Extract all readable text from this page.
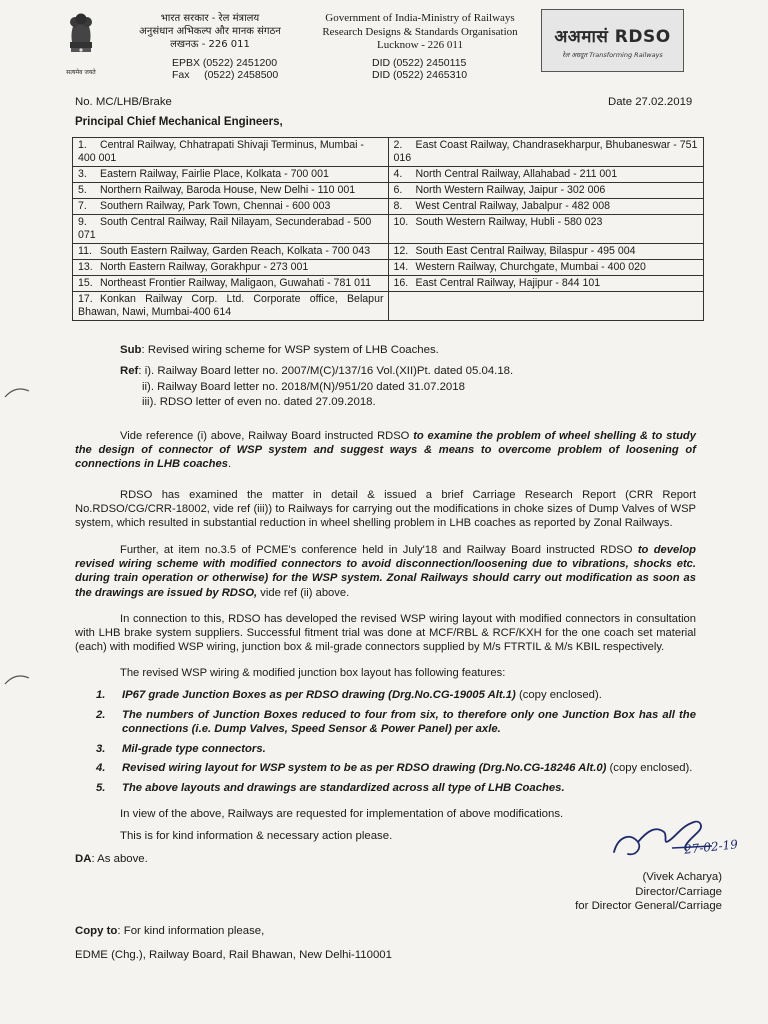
सत्यमेव जयते
भारत सरकार - रेल मंत्रालय
अनुसंधान अभिकल्प और मानक संगठन
लखनऊ - 226 011
EPBX (0522) 2451200
Fax     (0522) 2458500
Government of India-Ministry of Railways
Research Designs & Standards Organisation
Lucknow - 226 011
DID (0522) 2450115
DID (0522) 2465310
अअमासं RDSO
रेल अग्रदूत Transforming Railways
No. MC/LHB/Brake	Date 27.02.2019
Principal Chief Mechanical Engineers,
1. Central Railway, Chhatrapati Shivaji Terminus, Mumbai - 400 001	2. East Coast Railway, Chandrasekharpur, Bhubaneswar - 751 016
3. Eastern Railway, Fairlie Place, Kolkata - 700 001	4. North Central Railway, Allahabad - 211 001
5. Northern Railway, Baroda House, New Delhi - 110 001	6. North Western Railway, Jaipur - 302 006
7. Southern Railway, Park Town, Chennai - 600 003	8. West Central Railway, Jabalpur - 482 008
9. South Central Railway, Rail Nilayam, Secunderabad - 500 071	10. South Western Railway, Hubli - 580 023
11. South Eastern Railway, Garden Reach, Kolkata - 700 043	12. South East Central Railway, Bilaspur - 495 004
13. North Eastern Railway, Gorakhpur - 273 001	14. Western Railway, Churchgate, Mumbai - 400 020
15. Northeast Frontier Railway, Maligaon, Guwahati - 781 011	16. East Central Railway, Hajipur - 844 101
17. Konkan Railway Corp. Ltd. Corporate office, Belapur Bhawan, Nawi, Mumbai-400 614	
Sub: Revised wiring scheme for WSP system of LHB Coaches.
Ref: i). Railway Board letter no. 2007/M(C)/137/16 Vol.(XII)Pt. dated 05.04.18.
ii). Railway Board letter no. 2018/M(N)/951/20 dated 31.07.2018
iii). RDSO letter of even no. dated 27.09.2018.
Vide reference (i) above, Railway Board instructed RDSO to examine the problem of wheel shelling & to study the design of connector of WSP system and suggest ways & means to overcome problem of loosening of connections in LHB coaches.
RDSO has examined the matter in detail & issued a brief Carriage Research Report (CRR Report No.RDSO/CG/CRR-18002, vide ref (iii)) to Railways for carrying out the modifications in choke sizes of Dump Valves of WSP system, which resulted in substantial reduction in wheel shelling problem in LHB coaches as reported by Zonal Railways.
Further, at item no.3.5 of PCME's conference held in July'18 and Railway Board instructed RDSO to develop revised wiring scheme with modified connectors to avoid disconnection/loosening due to vibrations, shocks etc. during train operation or otherwise) for the WSP system. Zonal Railways should carry out modification as soon as the drawings are issued by RDSO, vide ref (ii) above.
In connection to this, RDSO has developed the revised WSP wiring layout with modified connectors in consultation with LHB brake system suppliers. Successful fitment trial was done at MCF/RBL & RCF/KXH for the one coach set material (each) with modified WSP wiring, junction box & mil-grade connectors supplied by M/s FTRTIL & M/s KBIL respectively.
The revised WSP wiring & modified junction box layout has following features:
1.	IP67 grade Junction Boxes as per RDSO drawing (Drg.No.CG-19005 Alt.1) (copy enclosed).
2.	The numbers of Junction Boxes reduced to four from six, to therefore only one Junction Box has all the connections (i.e. Dump Valves, Speed Sensor & Power Panel) per axle.
3.	Mil-grade type connectors.
4.	Revised wiring layout for WSP system to be as per RDSO drawing (Drg.No.CG-18246 Alt.0) (copy enclosed).
5.	The above layouts and drawings are standardized across all type of LHB Coaches.
In view of the above, Railways are requested for implementation of above modifications.
This is for kind information & necessary action please.
DA: As above.
27-02-19
(Vivek Acharya)
Director/Carriage
for Director General/Carriage
Copy to: For kind information please,
EDME (Chg.), Railway Board, Rail Bhawan, New Delhi-110001
